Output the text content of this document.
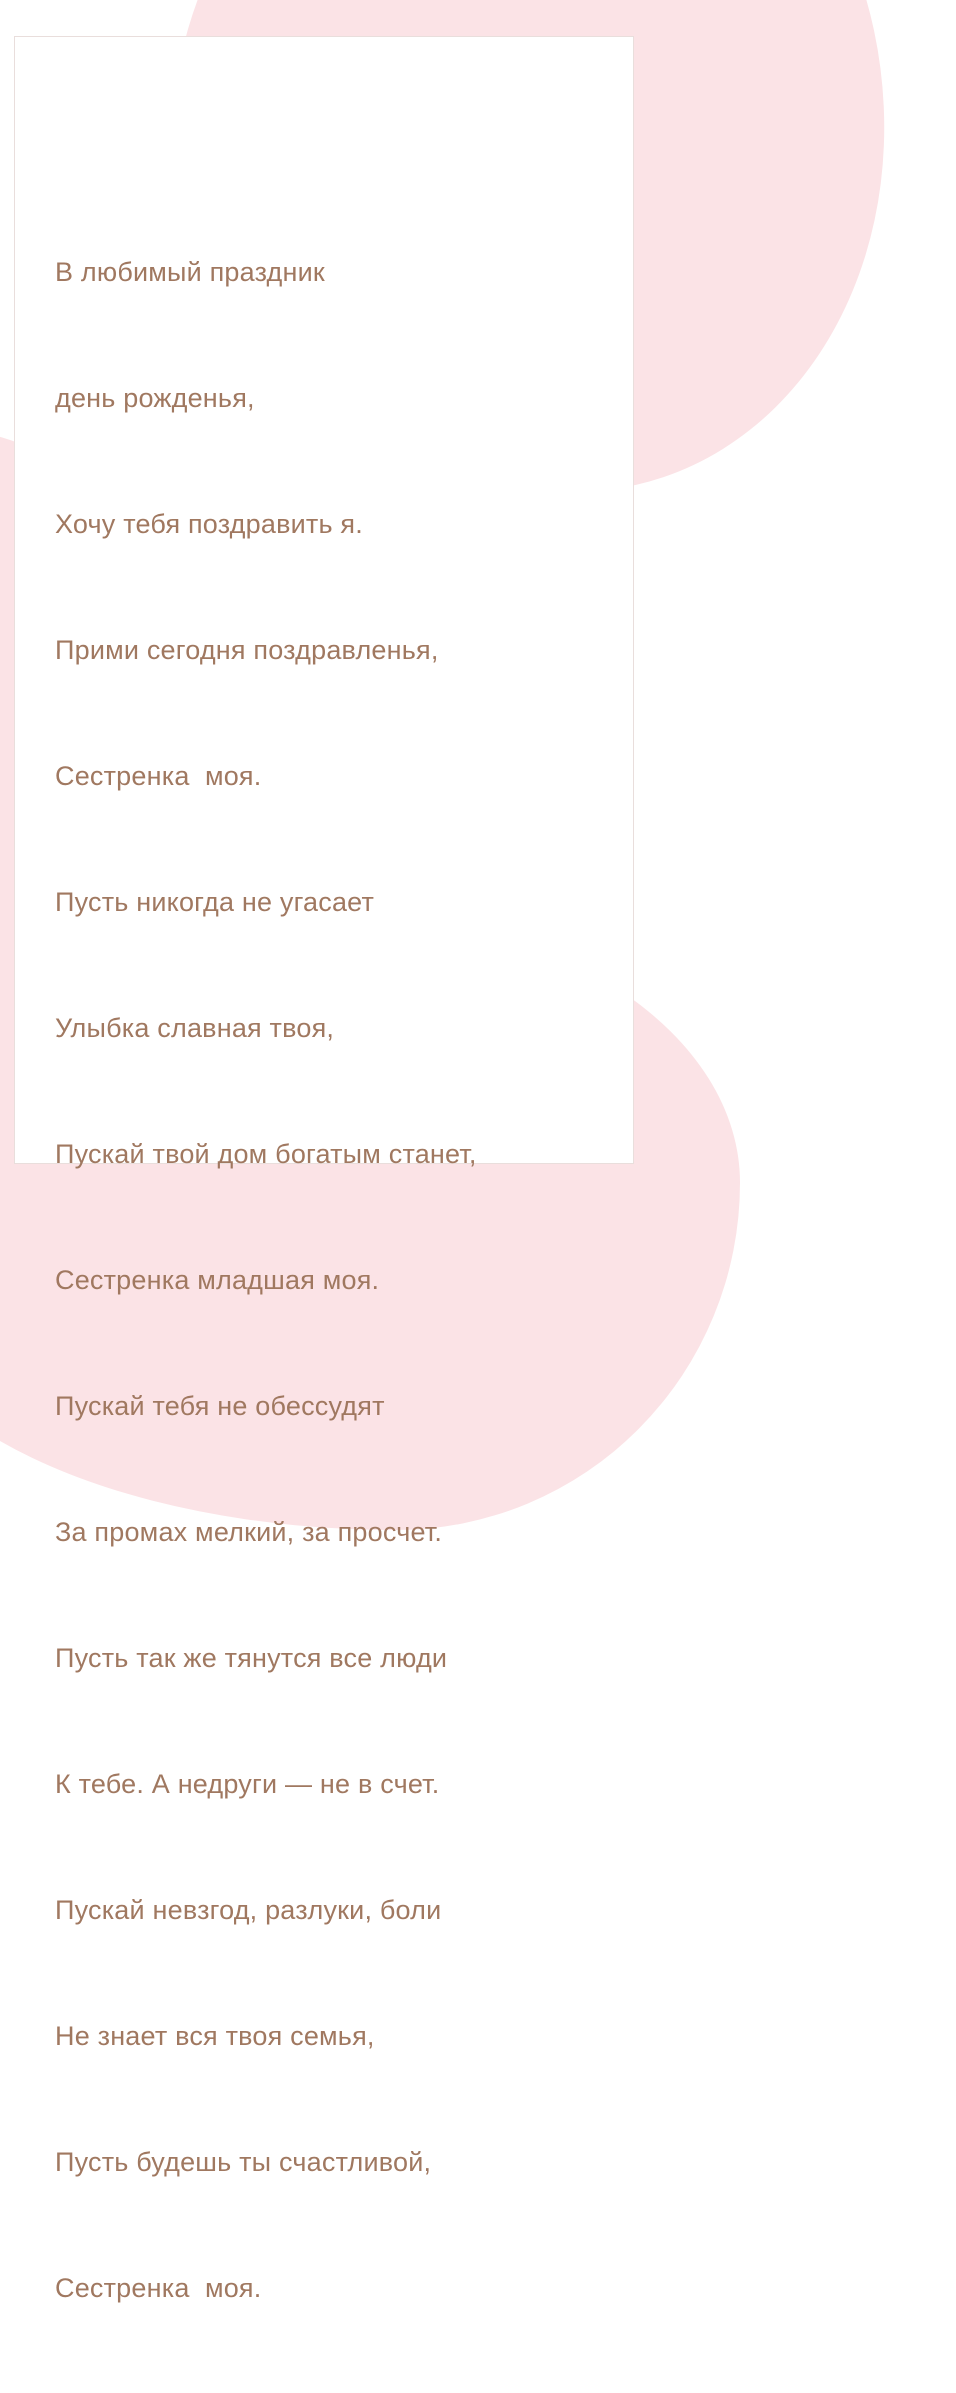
В любимый праздник

день рожденья,

Хочу тебя поздравить я.

Прими сегодня поздравленья,

Сестренка  моя.

Пусть никогда не угасает

Улыбка славная твоя,

Пускай твой дом богатым станет,

Сестренка младшая моя.

Пускай тебя не обессудят

За промах мелкий, за просчет.

Пусть так же тянутся все люди

К тебе. А недруги — не в счет.

Пускай невзгод, разлуки, боли

Не знает вся твоя семья,

Пусть будешь ты счастливой,

Сестренка  моя.
